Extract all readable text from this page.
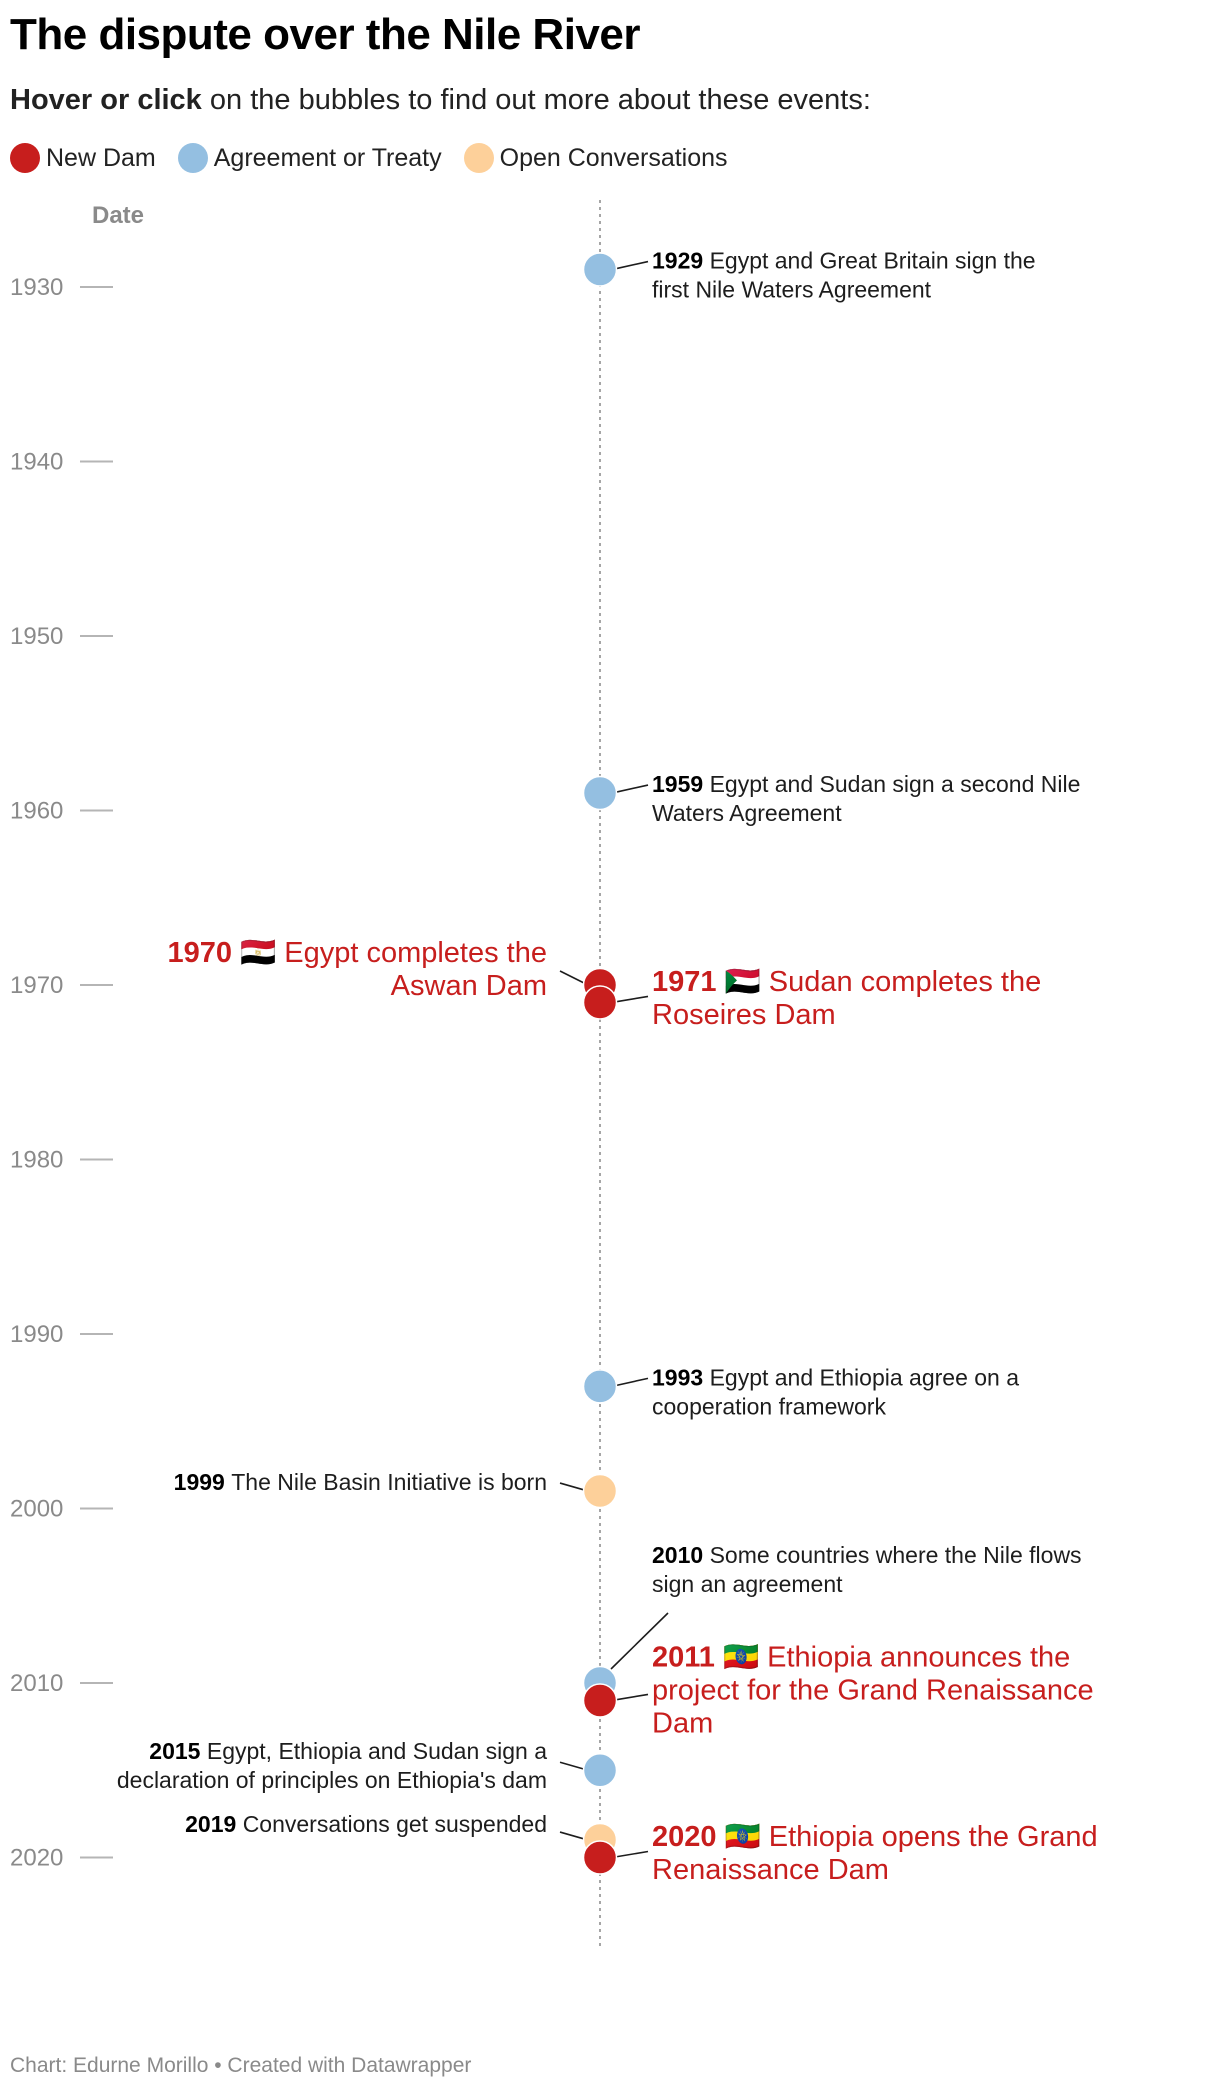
The dispute over the Nile River
Hover or click on the bubbles to find out more about these events:
New Dam Agreement or Treaty Open Conversations
Date
1930
1940
1950
1960
1970
1980
1990
2000
2010
2020
1929 Egypt and Great Britain sign the first Nile Waters Agreement
1959 Egypt and Sudan sign a second Nile Waters Agreement
1970 🇪🇬 Egypt completes the Aswan Dam	1971 🇸🇩 Sudan completes the Roseires Dam
1993 Egypt and Ethiopia agree on a cooperation framework
1999 The Nile Basin Initiative is born
2010 Some countries where the Nile flows sign an agreement
2011 🇪🇹 Ethiopia announces the project for the Grand Renaissance Dam
2015 Egypt, Ethiopia and Sudan sign a declaration of principles on Ethiopia's dam
2019 Conversations get suspended	2020 🇪🇹 Ethiopia opens the Grand Renaissance Dam
Chart: Edurne Morillo • Created with Datawrapper
